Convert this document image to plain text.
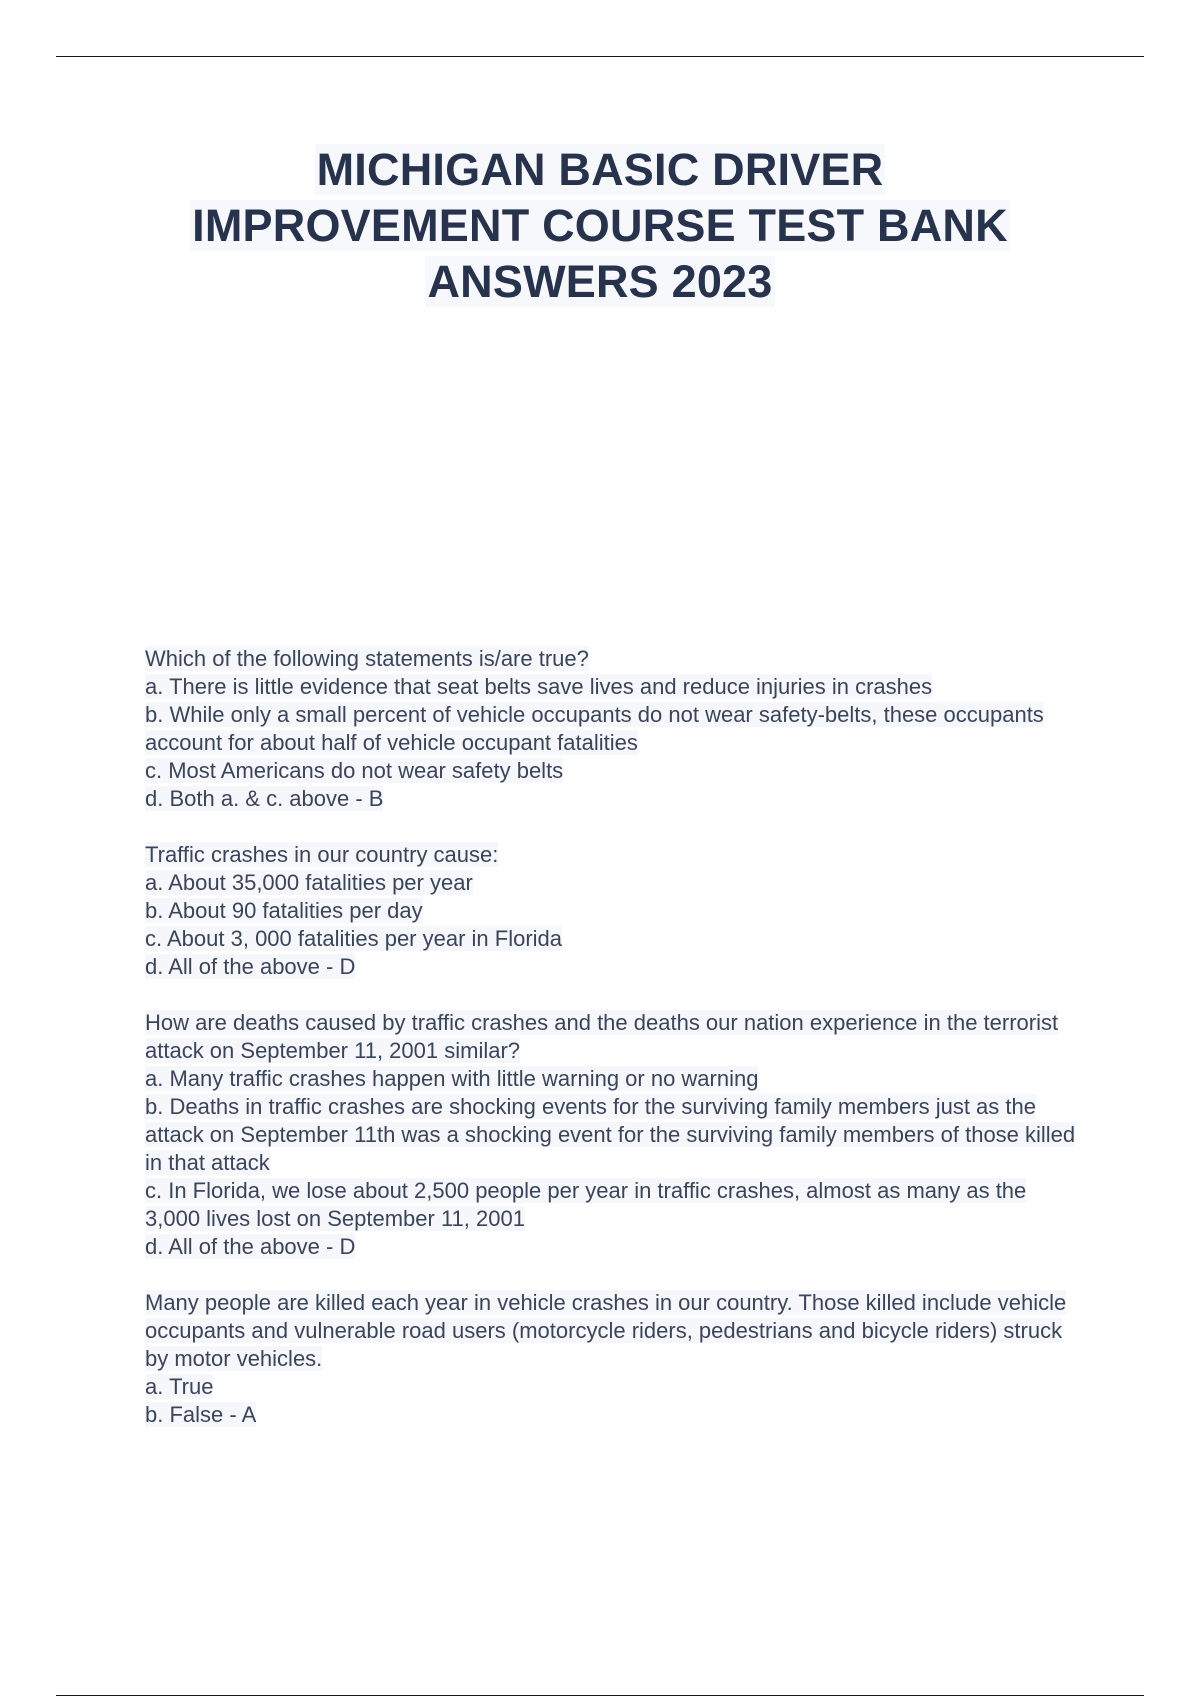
MICHIGAN BASIC DRIVER
IMPROVEMENT COURSE TEST BANK
ANSWERS 2023
Which of the following statements is/are true?
a. There is little evidence that seat belts save lives and reduce injuries in crashes
b. While only a small percent of vehicle occupants do not wear safety-belts, these occupants account for about half of vehicle occupant fatalities
c. Most Americans do not wear safety belts
d. Both a. & c. above - B
Traffic crashes in our country cause:
a. About 35,000 fatalities per year
b. About 90 fatalities per day
c. About 3, 000 fatalities per year in Florida
d. All of the above - D
How are deaths caused by traffic crashes and the deaths our nation experience in the terrorist attack on September 11, 2001 similar?
a. Many traffic crashes happen with little warning or no warning
b. Deaths in traffic crashes are shocking events for the surviving family members just as the attack on September 11th was a shocking event for the surviving family members of those killed in that attack
c. In Florida, we lose about 2,500 people per year in traffic crashes, almost as many as the 3,000 lives lost on September 11, 2001
d. All of the above - D
Many people are killed each year in vehicle crashes in our country. Those killed include vehicle occupants and vulnerable road users (motorcycle riders, pedestrians and bicycle riders) struck by motor vehicles.
a. True
b. False - A
